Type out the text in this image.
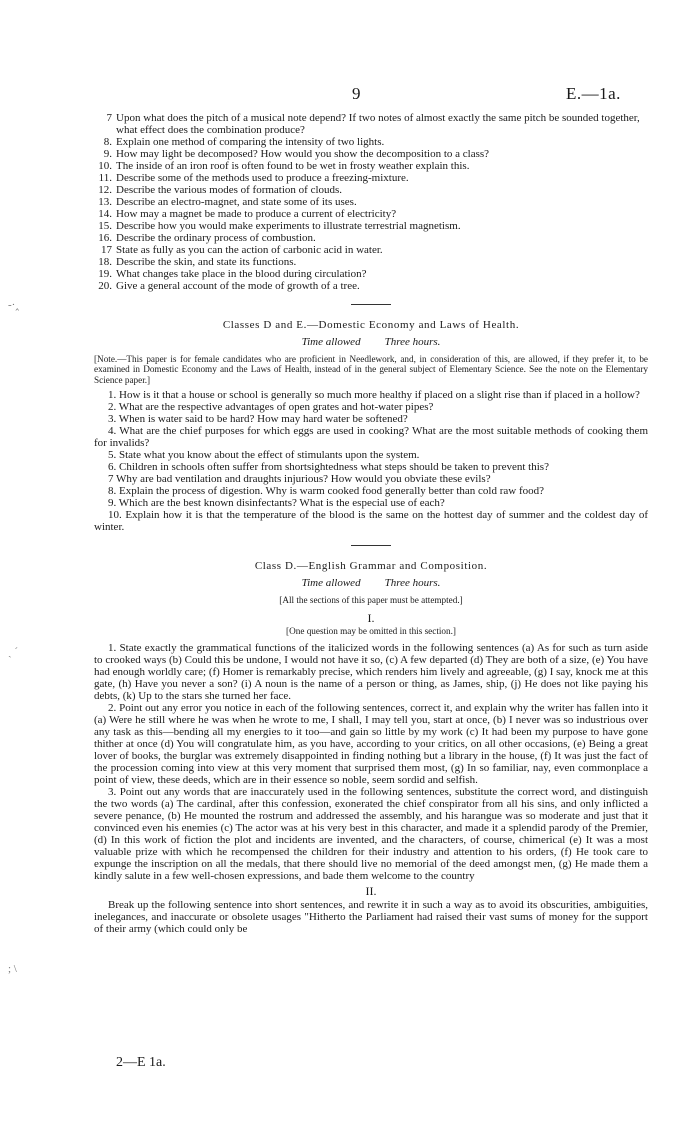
9	E.—1a.
-·‸
ˎ ´
; \

7 Upon what does the pitch of a musical note depend? If two notes of almost exactly the same pitch be sounded together, what effect does the combination produce?

8. Explain one method of comparing the intensity of two lights.

9. How may light be decomposed? How would you show the decomposition to a class?

10. The inside of an iron roof is often found to be wet in frosty weather explain this.

11. Describe some of the methods used to produce a freezing-mixture.

12. Describe the various modes of formation of clouds.

13. Describe an electro-magnet, and state some of its uses.

14. How may a magnet be made to produce a current of electricity?

15. Describe how you would make experiments to illustrate terrestrial magnetism.

16. Describe the ordinary process of combustion.

17 State as fully as you can the action of carbonic acid in water.

18. Describe the skin, and state its functions.

19. What changes take place in the blood during circulation?

20. Give a general account of the mode of growth of a tree.

Classes D and E.—Domestic Economy and Laws of Health.

Time allowed Three hours.

[Note.—This paper is for female candidates who are proficient in Needlework, and, in consideration of this, are allowed, if they prefer it, to be examined in Domestic Economy and the Laws of Health, instead of in the general subject of Elementary Science. See the note on the Elementary Science paper.]

1. How is it that a house or school is generally so much more healthy if placed on a slight rise than if placed in a hollow?

2. What are the respective advantages of open grates and hot-water pipes?

3. When is water said to be hard? How may hard water be softened?

4. What are the chief purposes for which eggs are used in cooking? What are the most suitable methods of cooking them for invalids?

5. State what you know about the effect of stimulants upon the system.

6. Children in schools often suffer from shortsightedness what steps should be taken to prevent this?

7 Why are bad ventilation and draughts injurious? How would you obviate these evils?

8. Explain the process of digestion. Why is warm cooked food generally better than cold raw food?

9. Which are the best known disinfectants? What is the especial use of each?

10. Explain how it is that the temperature of the blood is the same on the hottest day of summer and the coldest day of winter.

Class D.—English Grammar and Composition.

Time allowed Three hours.

[All the sections of this paper must be attempted.]

I.

[One question may be omitted in this section.]

1. State exactly the grammatical functions of the italicized words in the following sentences (a) As for such as turn aside to crooked ways (b) Could this be undone, I would not have it so, (c) A few departed (d) They are both of a size, (e) You have had enough worldly care; (f) Homer is remarkably precise, which renders him lively and agreeable, (g) I say, knock me at this gate, (h) Have you never a son? (i) A noun is the name of a person or thing, as James, ship, (j) He does not like paying his debts, (k) Up to the stars she turned her face.

2. Point out any error you notice in each of the following sentences, correct it, and explain why the writer has fallen into it (a) Were he still where he was when he wrote to me, I shall, I may tell you, start at once, (b) I never was so industrious over any task as this—bending all my energies to it too—and gain so little by my work (c) It had been my purpose to have gone thither at once (d) You will congratulate him, as you have, according to your critics, on all other occasions, (e) Being a great lover of books, the burglar was extremely disappointed in finding nothing but a library in the house, (f) It was just the fact of the procession coming into view at this very moment that surprised them most, (g) In so familiar, nay, even commonplace a point of view, these deeds, which are in their essence so noble, seem sordid and selfish.

3. Point out any words that are inaccurately used in the following sentences, substitute the correct word, and distinguish the two words (a) The cardinal, after this confession, exonerated the chief conspirator from all his sins, and only inflicted a severe penance, (b) He mounted the rostrum and addressed the assembly, and his harangue was so moderate and just that it convinced even his enemies (c) The actor was at his very best in this character, and made it a splendid parody of the Premier, (d) In this work of fiction the plot and incidents are invented, and the characters, of course, chimerical (e) It was a most valuable prize with which he recompensed the children for their industry and attention to his orders, (f) He took care to expunge the inscription on all the medals, that there should live no memorial of the deed amongst men, (g) He made them a kindly salute in a few well-chosen expressions, and bade them welcome to the country

II.

Break up the following sentence into short sentences, and rewrite it in such a way as to avoid its obscurities, ambiguities, inelegances, and inaccurate or obsolete usages "Hitherto the Parliament had raised their vast sums of money for the support of their army (which could only be

2—E 1a.
